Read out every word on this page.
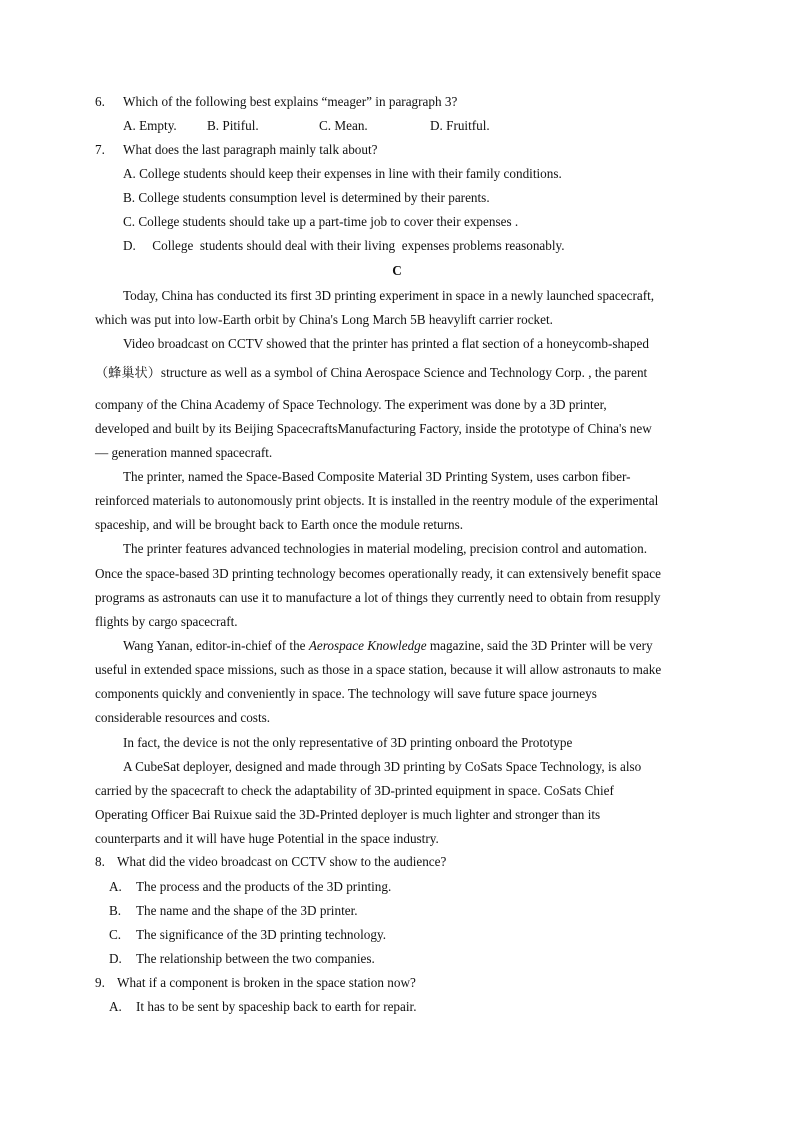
6. Which of the following best explains “meager” in paragraph 3?
A. Empty. B. Pitiful.	C. Mean.	D. Fruitful.
7. What does the last paragraph mainly talk about?
A. College students should keep their expenses in line with their family conditions.
B. College students consumption level is determined by their parents.
C. College students should take up a part-time job to cover their expenses .
D.     College  students should deal with their living  expenses problems reasonably.
C
Today, China has conducted its first 3D printing experiment in space in a newly launched spacecraft,
which was put into low-Earth orbit by China's Long March 5B heavylift carrier rocket.
Video broadcast on CCTV showed that the printer has printed a flat section of a honeycomb-shaped
（蜂巢状）structure as well as a symbol of China Aerospace Science and Technology Corp. , the parent
company of the China Academy of Space Technology. The experiment was done by a 3D printer,
developed and built by its Beijing SpacecraftsManufacturing Factory, inside the prototype of China's new
— generation manned spacecraft.
The printer, named the Space-Based Composite Material 3D Printing System, uses carbon fiber-
reinforced materials to autonomously print objects. It is installed in the reentry module of the experimental
spaceship, and will be brought back to Earth once the module returns.
The printer features advanced technologies in material modeling, precision control and automation.
Once the space-based 3D printing technology becomes operationally ready, it can extensively benefit space
programs as astronauts can use it to manufacture a lot of things they currently need to obtain from resupply
flights by cargo spacecraft.
Wang Yanan, editor-in-chief of the Aerospace Knowledge magazine, said the 3D Printer will be very
useful in extended space missions, such as those in a space station, because it will allow astronauts to make
components quickly and conveniently in space. The technology will save future space journeys
considerable resources and costs.
In fact, the device is not the only representative of 3D printing onboard the Prototype
A CubeSat deployer, designed and made through 3D printing by CoSats Space Technology, is also
carried by the spacecraft to check the adaptability of 3D-printed equipment in space. CoSats Chief
Operating Officer Bai Ruixue said the 3D-Printed deployer is much lighter and stronger than its
counterparts and it will have huge Potential in the space industry.
8. What did the video broadcast on CCTV show to the audience?
A. The process and the products of the 3D printing.
B. The name and the shape of the 3D printer.
C. The significance of the 3D printing technology.
D. The relationship between the two companies.
9. What if a component is broken in the space station now?
A. It has to be sent by spaceship back to earth for repair.
